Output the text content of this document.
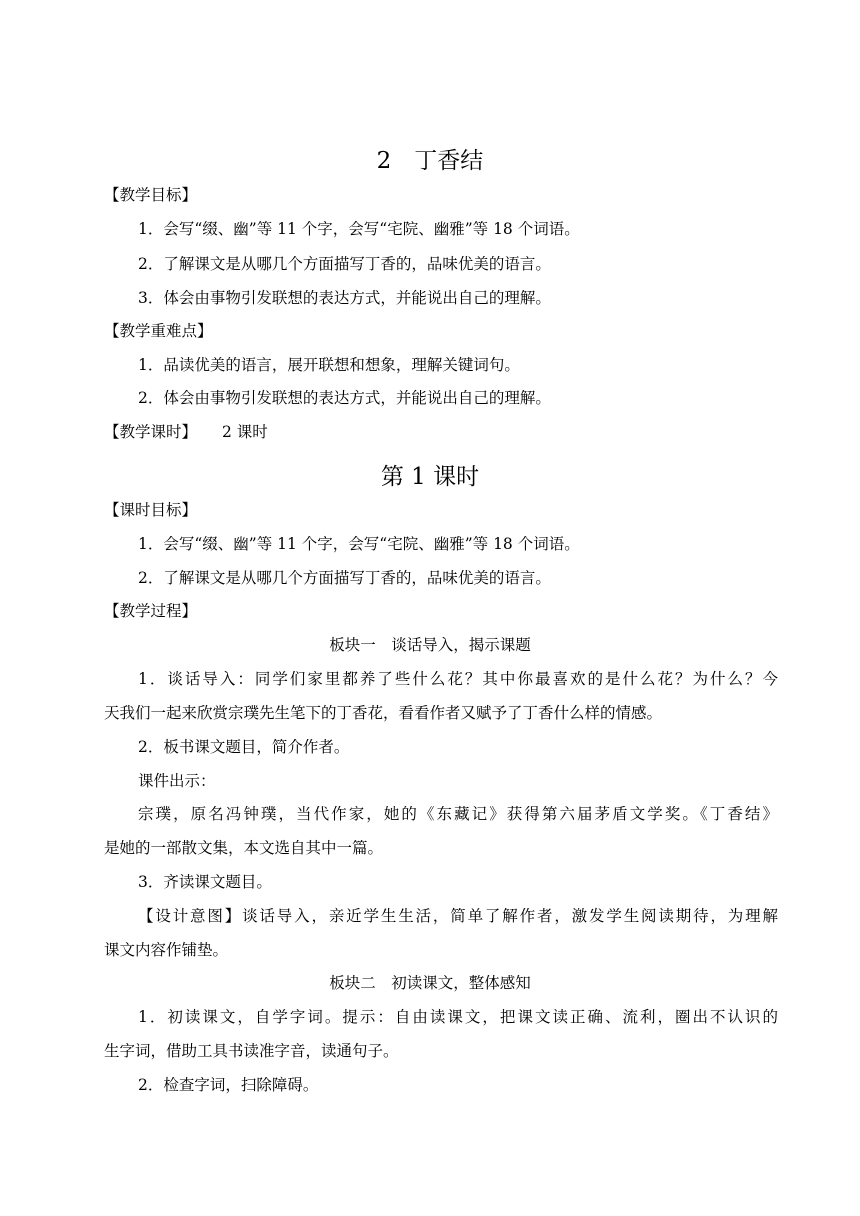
2　丁香结
【教学目标】
1．会写“缀、幽”等 11 个字，会写“宅院、幽雅”等 18 个词语。
2．了解课文是从哪几个方面描写丁香的，品味优美的语言。
3．体会由事物引发联想的表达方式，并能说出自己的理解。
【教学重难点】
1．品读优美的语言，展开联想和想象，理解关键词句。
2．体会由事物引发联想的表达方式，并能说出自己的理解。
【教学课时】 2 课时
第 1 课时
【课时目标】
1．会写“缀、幽”等 11 个字，会写“宅院、幽雅”等 18 个词语。
2．了解课文是从哪几个方面描写丁香的，品味优美的语言。
【教学过程】
板块一　谈话导入，揭示课题
1．谈话导入：同学们家里都养了些什么花？其中你最喜欢的是什么花？为什么？今
天我们一起来欣赏宗璞先生笔下的丁香花，看看作者又赋予了丁香什么样的情感。
2．板书课文题目，简介作者。
课件出示：
宗璞，原名冯钟璞，当代作家，她的《东藏记》获得第六届茅盾文学奖。《丁香结》
是她的一部散文集，本文选自其中一篇。
3．齐读课文题目。
【设计意图】谈话导入，亲近学生生活，简单了解作者，激发学生阅读期待，为理解
课文内容作铺垫。
板块二　初读课文，整体感知
1．初读课文，自学字词。提示：自由读课文，把课文读正确、流利，圈出不认识的
生字词，借助工具书读准字音，读通句子。
2．检查字词，扫除障碍。
